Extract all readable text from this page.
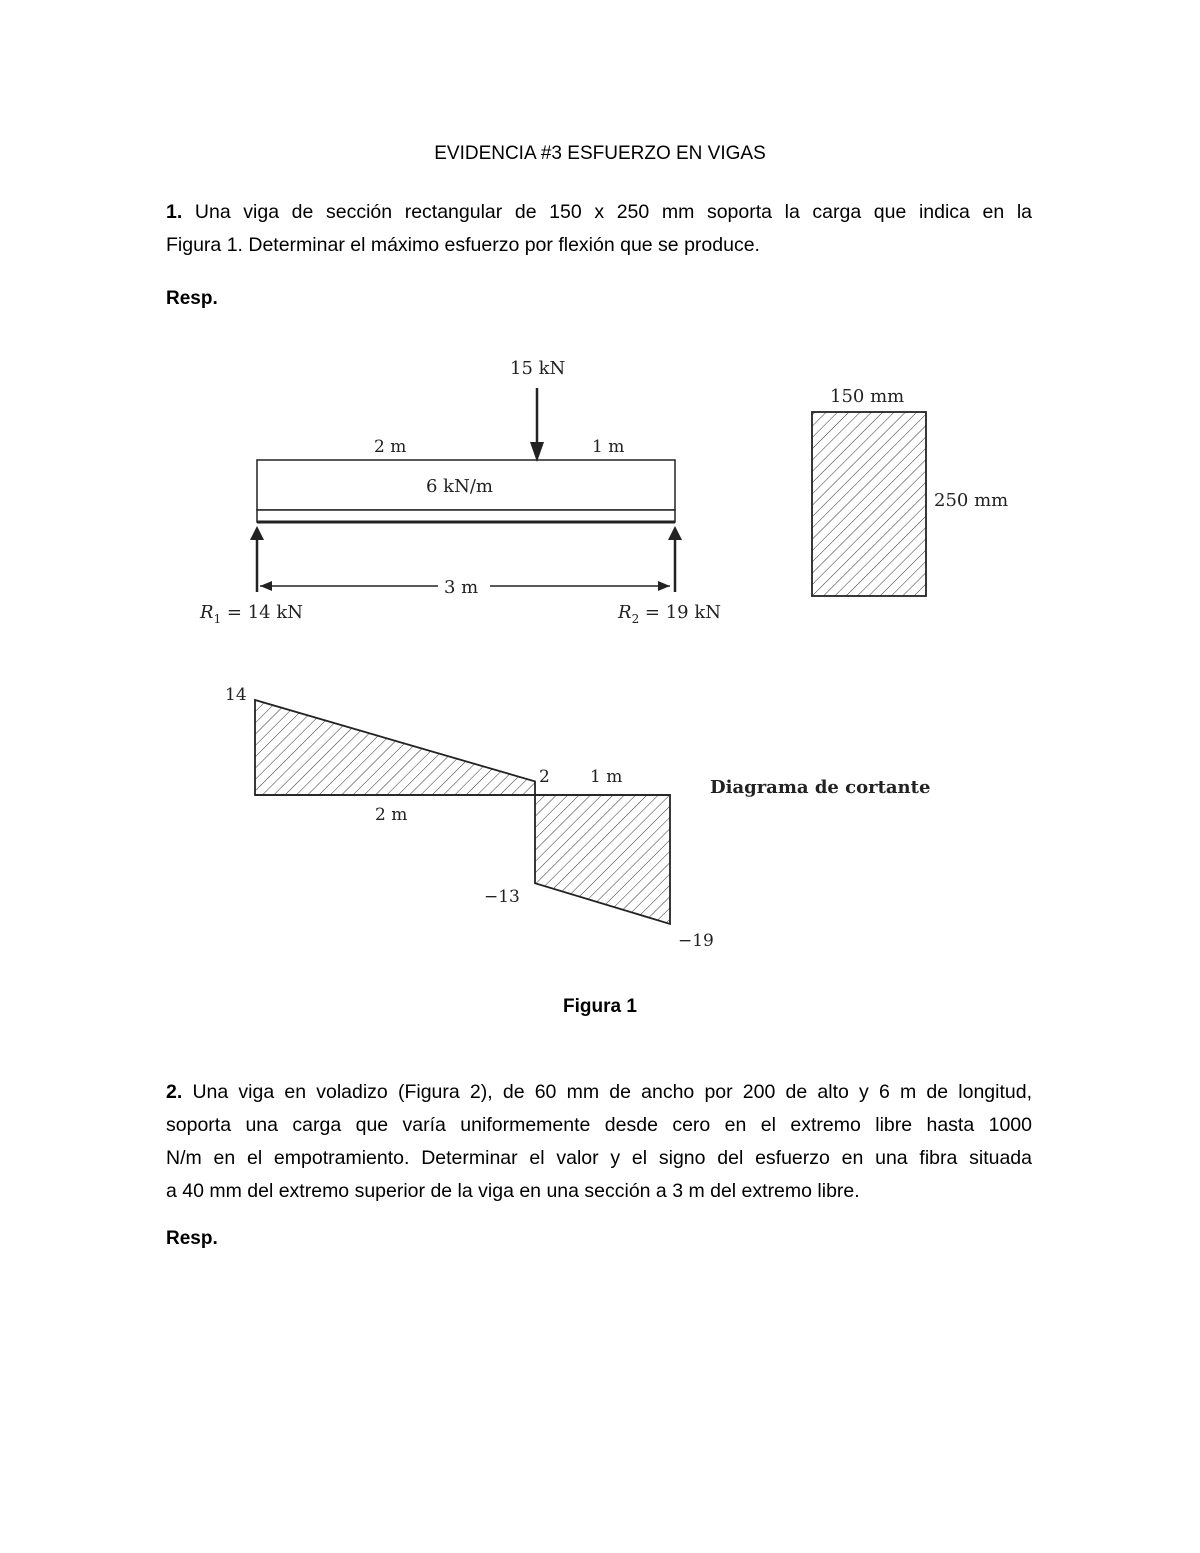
EVIDENCIA #3 ESFUERZO EN VIGAS
1. Una viga de sección rectangular de 150 x 250 mm soporta la carga que indica en la
Figura 1. Determinar el máximo esfuerzo por flexión que se produce.

Resp.

15 kN
2 m	1 m
6 kN/m
3 m
$R_1 = 14$ kN	$R_2 = 19$ kN
150 mm
250 mm
14
2
−13
−19
2 m
1 m	Diagrama de cortante

Figura 1

2. Una viga en voladizo (Figura 2), de 60 mm de ancho por 200 de alto y 6 m de longitud,
soporta una carga que varía uniformemente desde cero en el extremo libre hasta 1000
N/m en el empotramiento. Determinar el valor y el signo del esfuerzo en una fibra situada
a 40 mm del extremo superior de la viga en una sección a 3 m del extremo libre.

Resp.
